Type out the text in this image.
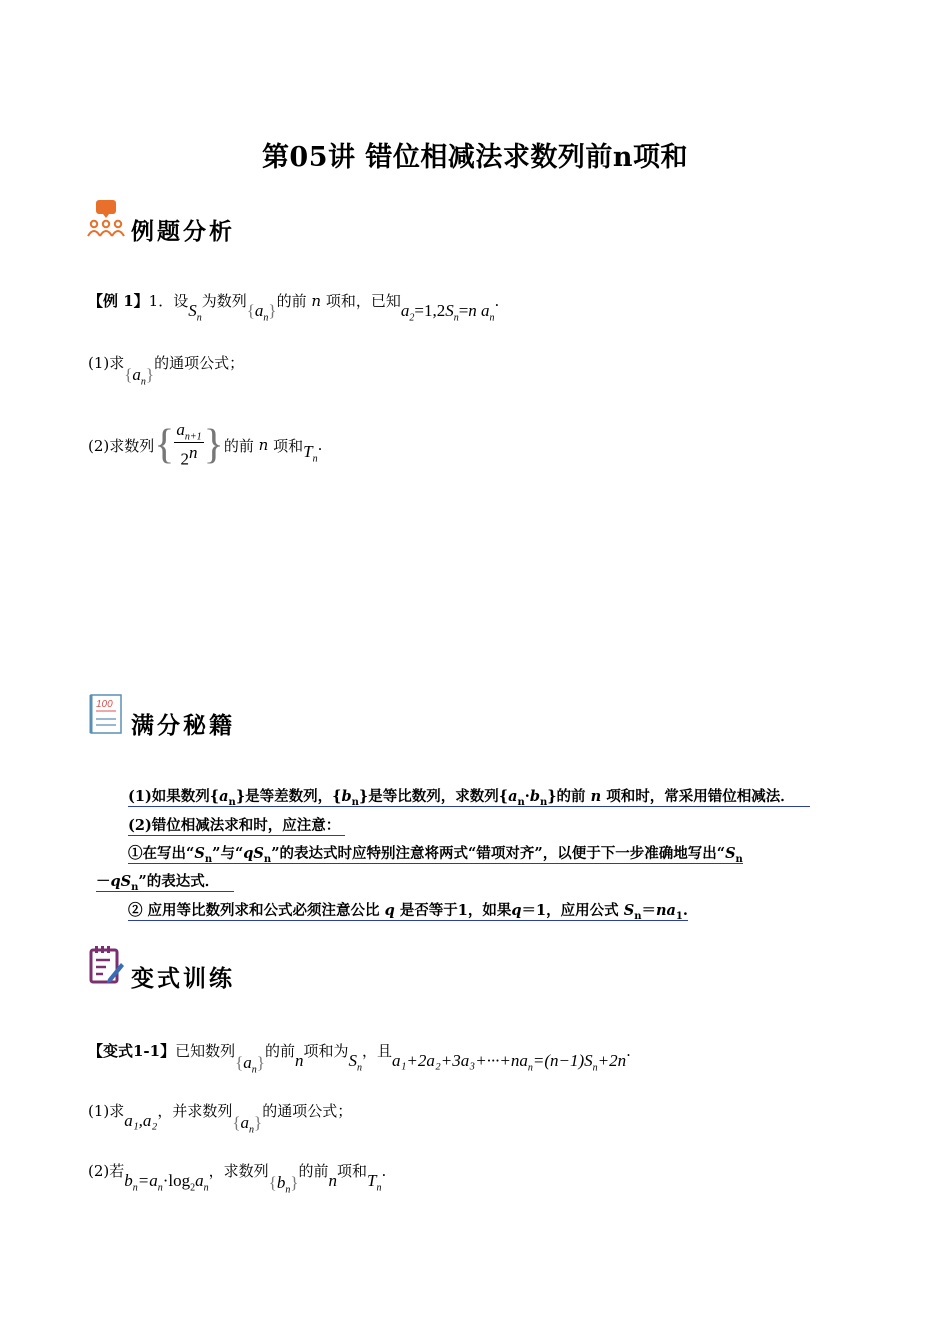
第05讲 错位相减法求数列前n项和
例题分析
【例 1】1．设$S_n$为数列$\{a_n\}$的前 n 项和，已知$a_2=1,2S_n=n$ $a_n$.
(1)求$\{a_n\}$的通项公式；
(2)求数列 { $\frac{a_{n+1}}{2^n}$ } 的前
n
项和 $T_n$
.
100
满分秘籍
(1)如果数列$\{a_n\}$是等差数列，$\{b_n\}$是等比数列，求数列$\{a_n\cdot b_n\}$的前 n 项和时，常采用错位相减法．
(2)错位相减法求和时，应注意：
①在写出“$S_n$”与“$qS_n$”的表达式时应特别注意将两式“错项对齐”，以便于下一步准确地写出“$S_n$
$-qS_n$”的表达式．
② 应用等比数列求和公式必须注意公比 q 是否等于1，如果q＝1，应用公式 $S_n=na_1$.
变式训练
【变式1-1】已知数列$\{a_n\}$的前n项和为$S_n$，且$a_1+2a_2+3a_3+\cdot\cdot\cdot+na_n=(n-1)S_n+2n$.
(1)求a₁,a₂，并求数列$\{a_n\}$的通项公式；
(2)若$b_n=a_n\cdot\log_2a_n$，求数列$\{b_n\}$的前n项和$T_n$.
